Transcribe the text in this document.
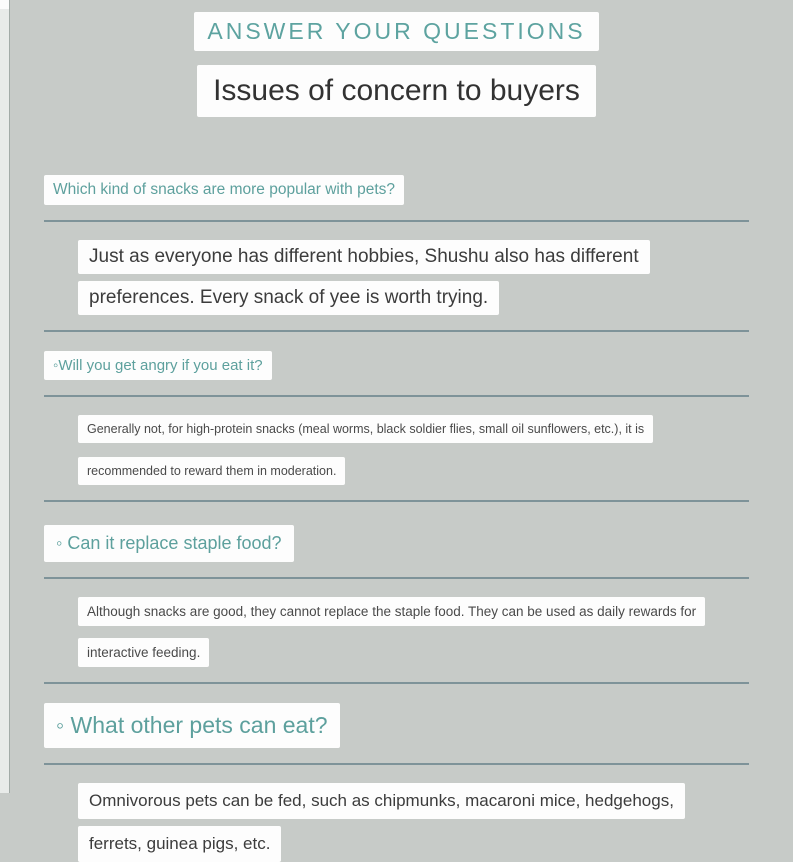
ANSWER YOUR QUESTIONS
Issues of concern to buyers
Which kind of snacks are more popular with pets?
Just as everyone has different hobbies, Shushu also has different
preferences. Every snack of yee is worth trying.
◦Will you get angry if you eat it?
Generally not, for high-protein snacks (meal worms, black soldier flies, small oil sunflowers, etc.), it is
recommended to reward them in moderation.
◦ Can it replace staple food?
Although snacks are good, they cannot replace the staple food. They can be used as daily rewards for
interactive feeding.
◦ What other pets can eat?
Omnivorous pets can be fed, such as chipmunks, macaroni mice, hedgehogs,
ferrets, guinea pigs, etc.
